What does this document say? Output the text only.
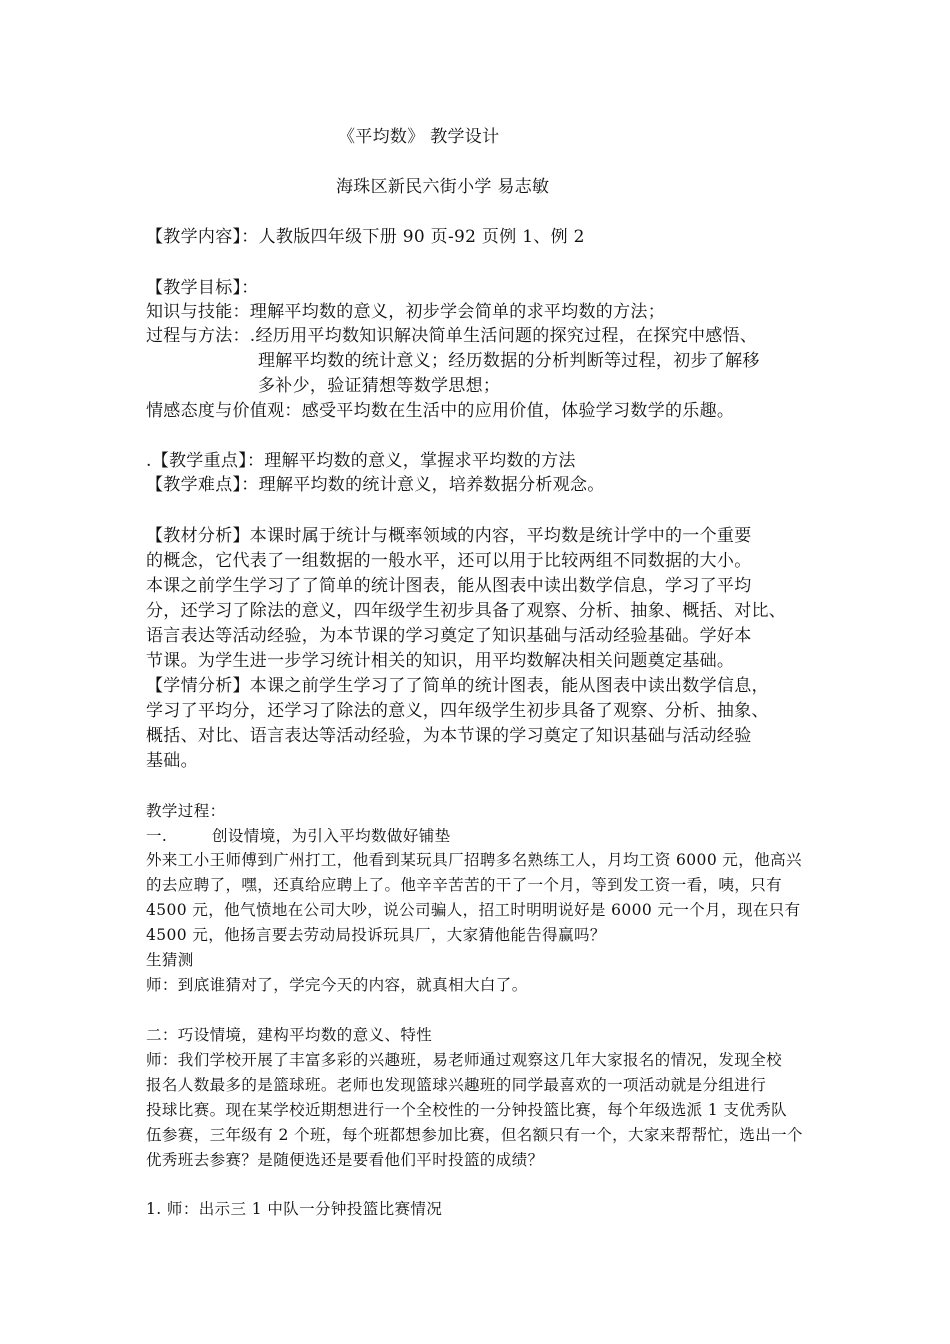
《平均数》 教学设计
海珠区新民六街小学 易志敏
【教学内容】：人教版四年级下册 90 页-92 页例 1、例 2
【教学目标】：
知识与技能：理解平均数的意义，初步学会简单的求平均数的方法；
过程与方法：.经历用平均数知识解决简单生活问题的探究过程，在探究中感悟、
理解平均数的统计意义；经历数据的分析判断等过程，初步了解移
多补少，验证猜想等数学思想；
情感态度与价值观：感受平均数在生活中的应用价值，体验学习数学的乐趣。
.【教学重点】：理解平均数的意义，掌握求平均数的方法
【教学难点】：理解平均数的统计意义，培养数据分析观念。
【教材分析】本课时属于统计与概率领域的内容，平均数是统计学中的一个重要
的概念，它代表了一组数据的一般水平，还可以用于比较两组不同数据的大小。
本课之前学生学习了了简单的统计图表，能从图表中读出数学信息，学习了平均
分，还学习了除法的意义，四年级学生初步具备了观察、分析、抽象、概括、对比、
语言表达等活动经验，为本节课的学习奠定了知识基础与活动经验基础。学好本
节课。为学生进一步学习统计相关的知识，用平均数解决相关问题奠定基础。
【学情分析】本课之前学生学习了了简单的统计图表，能从图表中读出数学信息，
学习了平均分，还学习了除法的意义，四年级学生初步具备了观察、分析、抽象、
概括、对比、语言表达等活动经验，为本节课的学习奠定了知识基础与活动经验
基础。
教学过程：
一.	创设情境，为引入平均数做好铺垫
外来工小王师傅到广州打工，他看到某玩具厂招聘多名熟练工人，月均工资 6000 元，他高兴
的去应聘了，嘿，还真给应聘上了。他辛辛苦苦的干了一个月，等到发工资一看，咦，只有
4500 元，他气愤地在公司大吵，说公司骗人，招工时明明说好是 6000 元一个月，现在只有
4500 元，他扬言要去劳动局投诉玩具厂，大家猜他能告得赢吗？
生猜测
师：到底谁猜对了，学完今天的内容，就真相大白了。
二：巧设情境，建构平均数的意义、特性
师：我们学校开展了丰富多彩的兴趣班，易老师通过观察这几年大家报名的情况，发现全校
报名人数最多的是篮球班。老师也发现篮球兴趣班的同学最喜欢的一项活动就是分组进行
投球比赛。现在某学校近期想进行一个全校性的一分钟投篮比赛，每个年级选派 1 支优秀队
伍参赛，三年级有 2 个班，每个班都想参加比赛，但名额只有一个，大家来帮帮忙，选出一个
优秀班去参赛？是随便选还是要看他们平时投篮的成绩？
1. 师：出示三 1 中队一分钟投篮比赛情况
